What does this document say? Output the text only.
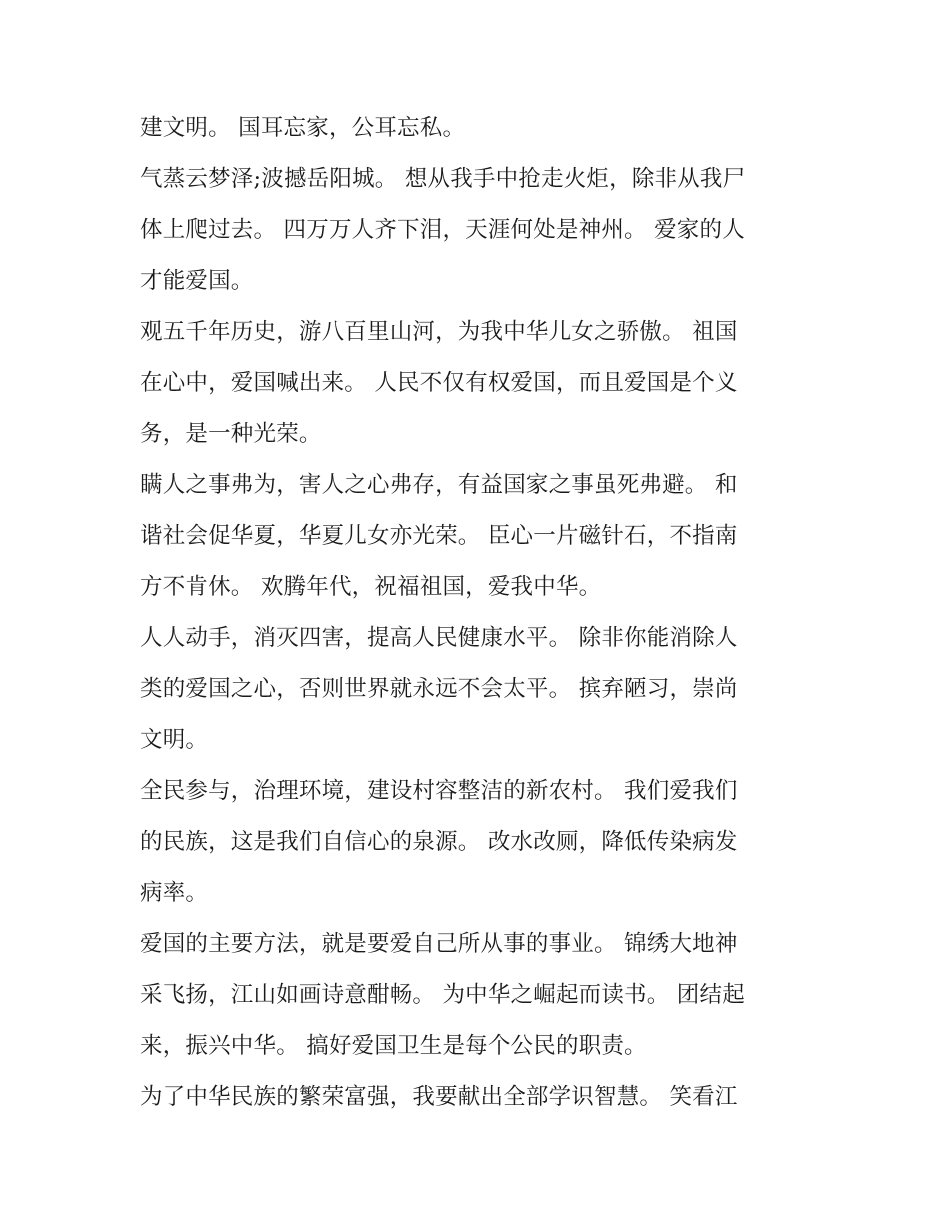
建文明。 国耳忘家，公耳忘私。

气蒸云梦泽;波撼岳阳城。 想从我手中抢走火炬，除非从我尸
体上爬过去。 四万万人齐下泪，天涯何处是神州。 爱家的人
才能爱国。

观五千年历史，游八百里山河，为我中华儿女之骄傲。 祖国
在心中，爱国喊出来。 人民不仅有权爱国，而且爱国是个义
务，是一种光荣。

瞒人之事弗为，害人之心弗存，有益国家之事虽死弗避。 和
谐社会促华夏，华夏儿女亦光荣。 臣心一片磁针石，不指南
方不肯休。 欢腾年代，祝福祖国，爱我中华。

人人动手，消灭四害，提高人民健康水平。 除非你能消除人
类的爱国之心，否则世界就永远不会太平。 摈弃陋习，崇尚
文明。

全民参与，治理环境，建设村容整洁的新农村。 我们爱我们
的民族，这是我们自信心的泉源。 改水改厕，降低传染病发
病率。

爱国的主要方法，就是要爱自己所从事的事业。 锦绣大地神
采飞扬，江山如画诗意酣畅。 为中华之崛起而读书。 团结起
来，振兴中华。 搞好爱国卫生是每个公民的职责。

为了中华民族的繁荣富强，我要献出全部学识智慧。 笑看江
